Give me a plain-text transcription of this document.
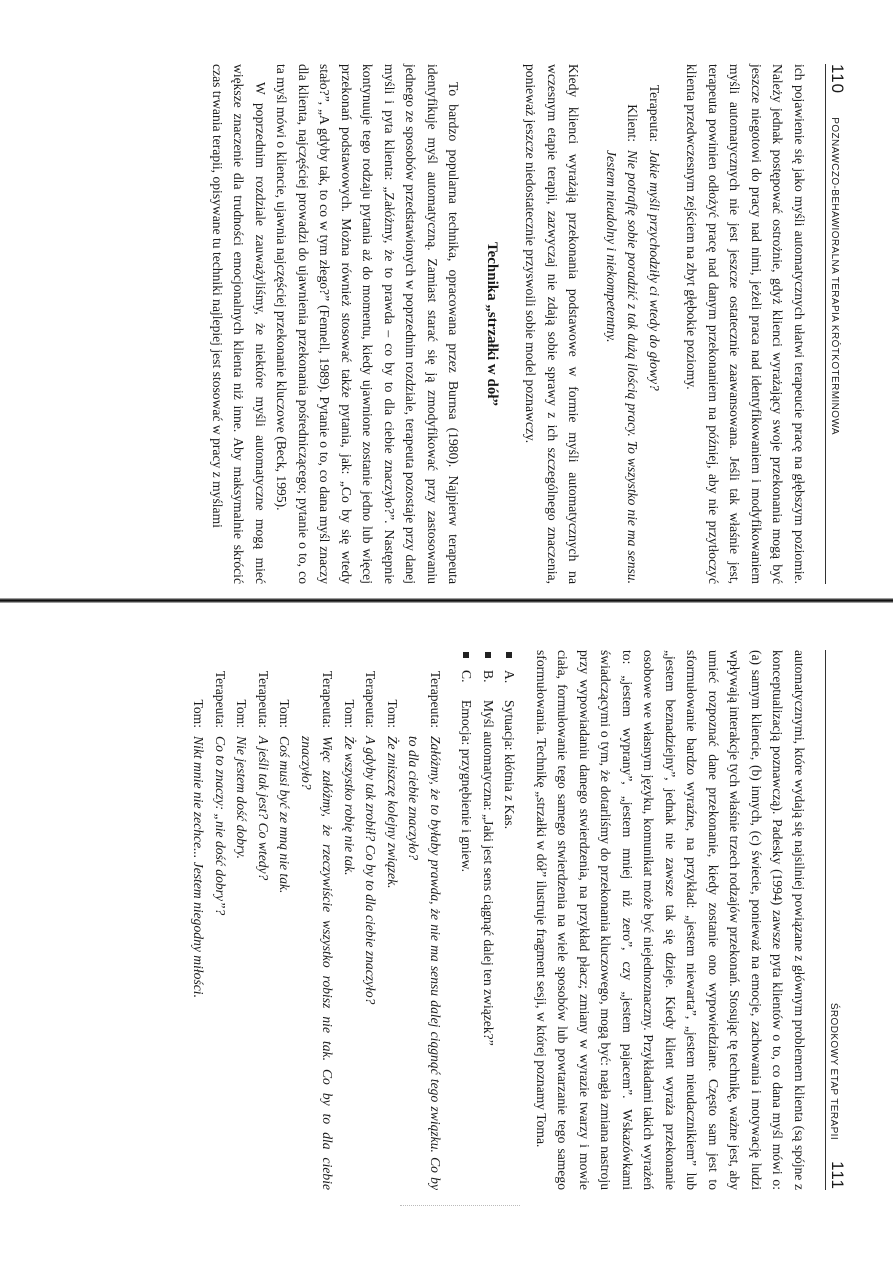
110 POZNAWCZO-BEHAWIORALNA TERAPIA KRÓTKOTERMINOWA

ich pojawienie się jako myśli automatycznych ułatwi terapeucie pracę na głębszym poziomie. Należy jednak postępować ostrożnie, gdyż klienci wyrażający swoje przekonania mogą być jeszcze niegotowi do pracy nad nimi, jeżeli praca nad identyfikowaniem i modyfikowaniem myśli automatycznych nie jest jeszcze ostatecznie zaawansowana. Jeśli tak właśnie jest, terapeuta powinien odłożyć pracę nad danym przekonaniem na później, aby nie przytłoczyć klienta przedwczesnym zejściem na zbyt głębokie poziomy.

Terapeuta:
Jakie myśli przychodziły ci wtedy do głowy?
Klient:
Nie potrafię sobie poradzić z tak dużą ilością pracy. To wszystko nie ma sensu. Jestem nieudolny i niekompetentny.

Kiedy klienci wyrażają przekonania podstawowe w formie myśli automatycznych na wczesnym etapie terapii, zazwyczaj nie zdają sobie sprawy z ich szczególnego znaczenia, ponieważ jeszcze niedostatecznie przyswoili sobie model poznawczy.

Technika „strzałki w dół”

To bardzo popularna technika, opracowana przez Burnsa (1980). Najpierw terapeuta identyfikuje myśl automatyczną. Zamiast starać się ją zmodyfikować przy zastosowaniu jednego ze sposobów przedstawionych w poprzednim rozdziale, terapeuta pozostaje przy danej myśli i pyta klienta: „Załóżmy, że to prawda – co by to dla ciebie znaczyło?”. Następnie kontynuuje tego rodzaju pytania aż do momentu, kiedy ujawnione zostanie jedno lub więcej przekonań podstawowych. Można również stosować także pytania, jak: „Co by się wtedy stało?”, „A gdyby tak, to co w tym złego?” (Fennell, 1989). Pytanie o to, co dana myśl znaczy dla klienta, najczęściej prowadzi do ujawnienia przekonania pośredniczącego; pytanie o to, co ta myśl mówi o kliencie, ujawnia najczęściej przekonanie kluczowe (Beck, 1995).

W poprzednim rozdziale zauważyliśmy, że niektóre myśli automatyczne mogą mieć większe znaczenie dla trudności emocjonalnych klienta niż inne. Aby maksymalnie skrócić czas trwania terapii, opisywane tu techniki najlepiej jest stosować w pracy z myślami

ŚRODKOWY ETAP TERAPII
111

automatycznymi, które wydają się najsilniej powiązane z głównym problemem klienta (są spójne z konceptualizacją poznawczą). Padesky (1994) zawsze pyta klientów o to, co dana myśl mówi o: (a) samym kliencie, (b) innych, (c) świecie, ponieważ na emocje, zachowania i motywację ludzi wpływają interakcje tych właśnie trzech rodzajów przekonań. Stosując tę technikę, ważne jest, aby umieć rozpoznać dane przekonanie, kiedy zostanie ono wypowiedziane. Często sam jest to sformułowanie bardzo wyraźne, na przykład: „jestem niewarta”, „jestem nieudacznikiem” lub „jestem beznadziejny”, jednak nie zawsze tak się dzieje. Kiedy klient wyraża przekonanie osobowe we własnym języku, komunikat może być niejednoznaczny. Przykładami takich wyrażeń to: „jestem wyprany”, „jestem mniej niż zero”, czy „jestem pajacem”. Wskazówkami świadczącymi o tym, że dotarliśmy do przekonania kluczowego, mogą być: nagła zmiana nastroju przy wypowiadaniu danego stwierdzenia, na przykład płacz; zmiany w wyrazie twarzy i mowie ciała, formułowanie tego samego stwierdzenia na wiele sposobów lub powtarzanie tego samego sformułowania. Technikę „strzałki w dół” ilustruje fragment sesji, w której poznamy Toma.

A.
Sytuacja: kłótnia z Kas.
B.
Myśl automatyczna: „Jaki jest sens ciągnąć dalej ten związek?”
C.
Emocja: przygnębienie i gniew.
Terapeuta:
Załóżmy, że to byłaby prawda, że nie ma sensu dalej ciągnąć tego związku. Co by to dla ciebie znaczyło?
Tom:
Że zniszczę kolejny związek.
Terapeuta:
A gdyby tak zrobił? Co by to dla ciebie znaczyło?
Tom:
Że wszystko robię nie tak.
Terapeuta:
Więc załóżmy, że rzeczywiście wszystko robisz nie tak. Co by to dla ciebie znaczyło?
Tom:
Coś musi być ze mną nie tak.
Terapeuta:
A jeśli tak jest? Co wtedy?
Tom:
Nie jestem dość dobry.
Terapeuta:
Co to znaczy: „nie dość dobry”?
Tom:
Nikt mnie nie zechce... Jestem niegodny miłości.
